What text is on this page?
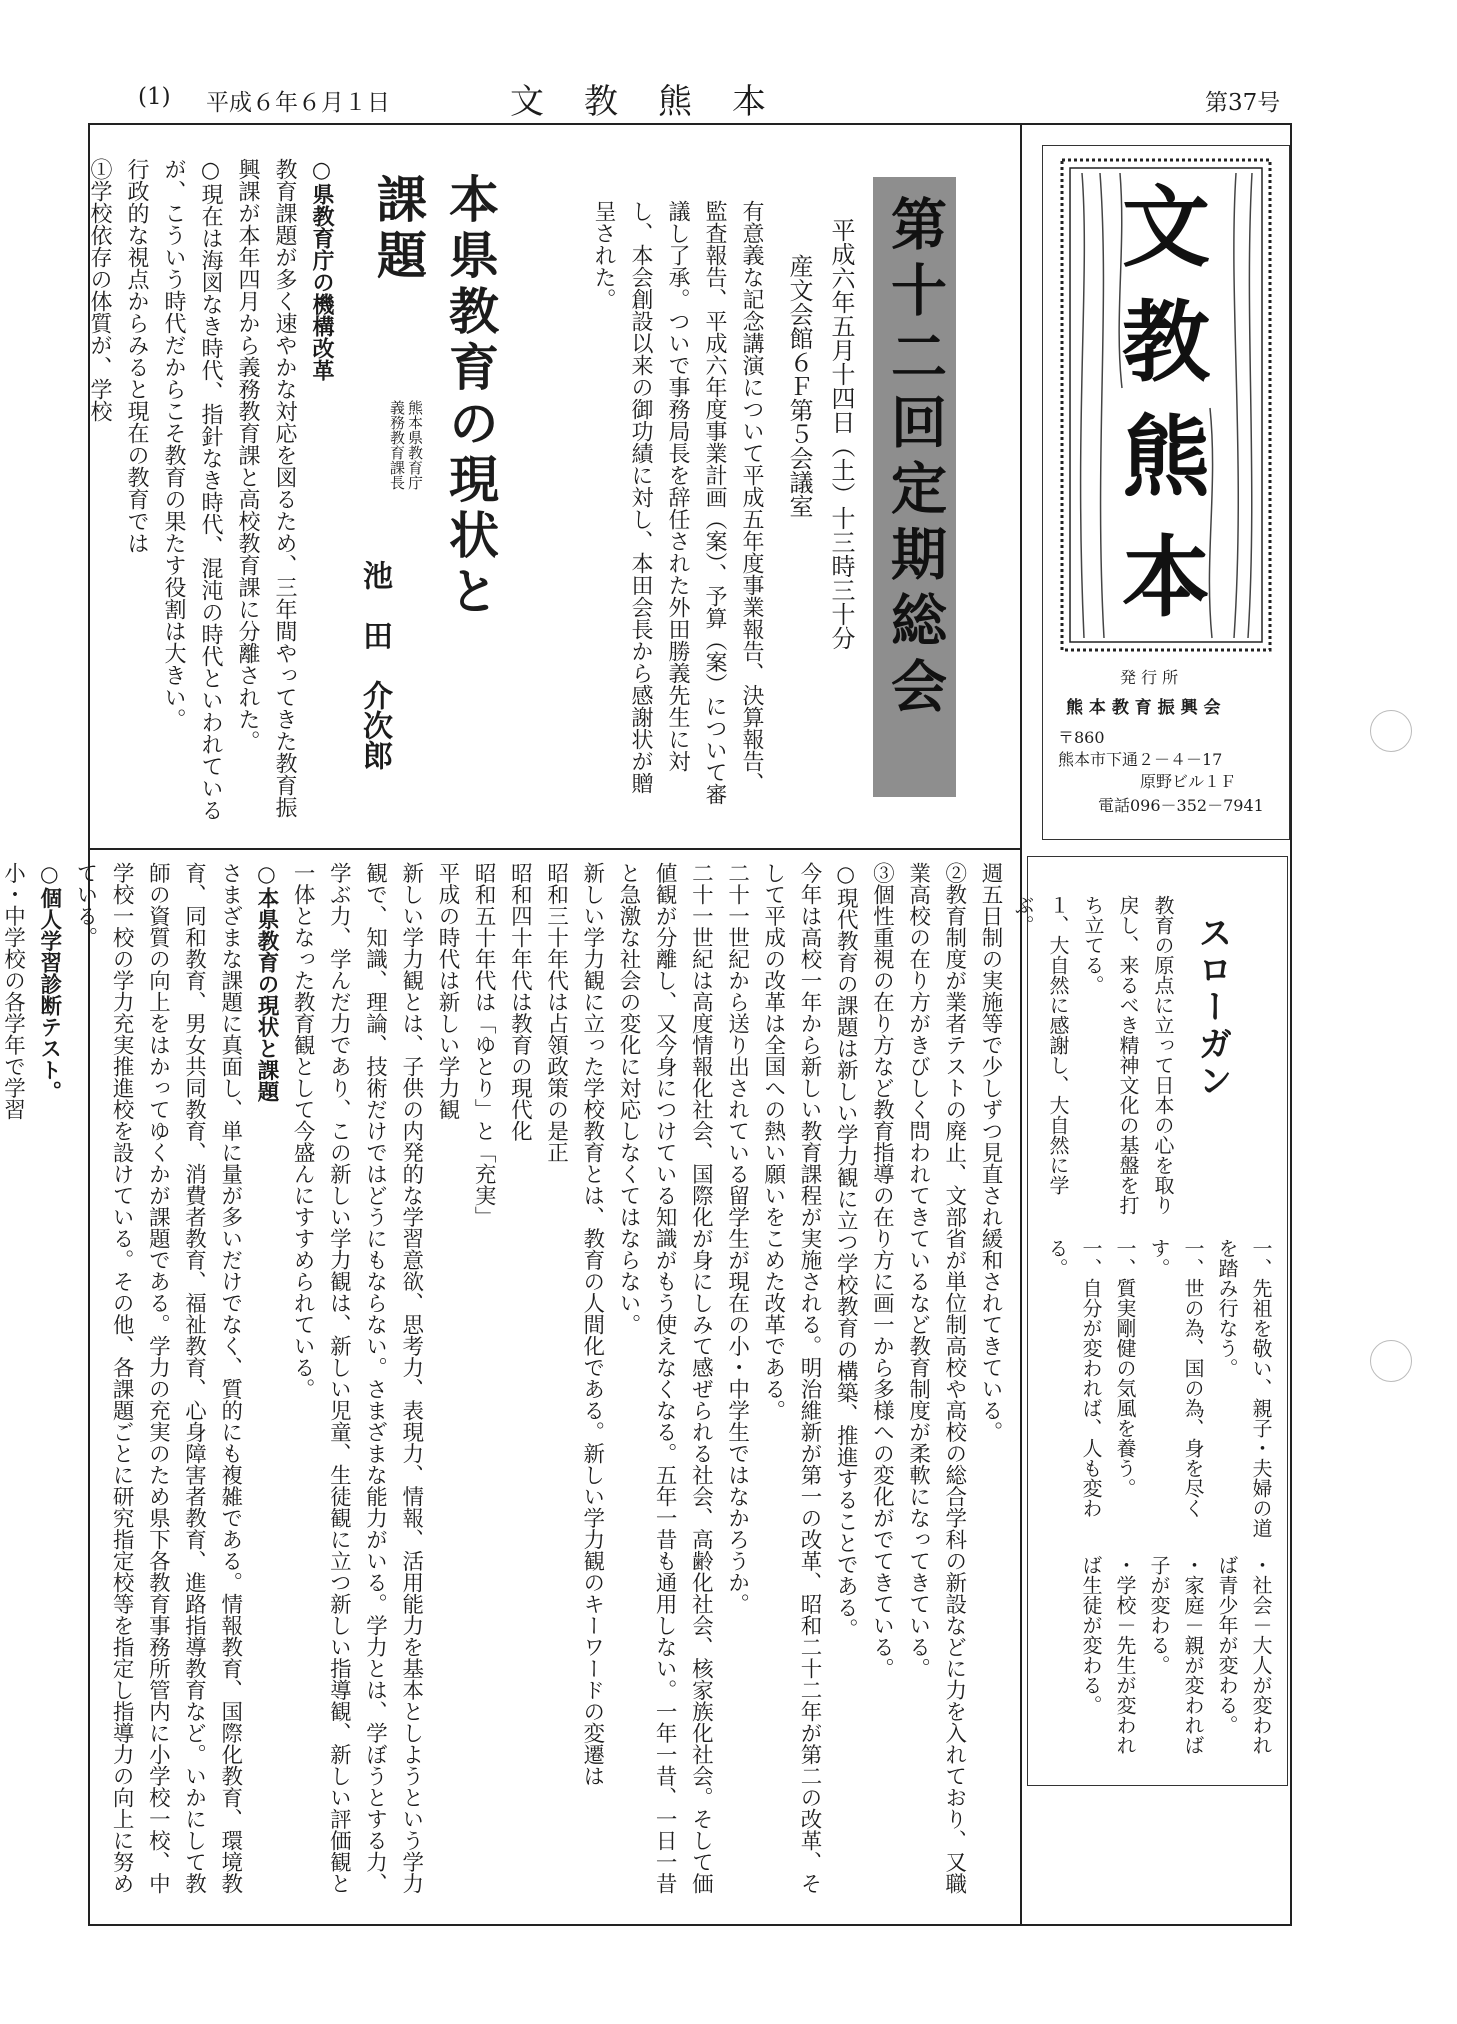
(1) 平成６年６月１日	文教熊本	第37号
文
教
熊
本
発 行 所
熊 本 教 育 振 興 会
〒860
熊本市下通２－４－17
原野ビル１Ｆ
電話096－352－7941
スローガン
教育の原点に立って日本の心を取り戻し、来るべき精神文化の基盤を打ち立てる。
１、大自然に感謝し、大自然に学ぶ。
一、先祖を敬い、親子・夫婦の道を踏み行なう。
一、世の為、国の為、身を尽くす。
一、質実剛健の気風を養う。
一、自分が変われば、人も変わる。
・社会－大人が変われば青少年が変わる。
・家庭－親が変われば子が変わる。
・学校－先生が変われば生徒が変わる。
第十二回定期総会
平成六年五月十四日（土）十三時三十分
産文会館６Ｆ第５会議室
有意義な記念講演について平成五年度事業報告、決算報告、監査報告、平成六年度事業計画（案）、予算（案）について審議し了承。ついで事務局長を辞任された外田勝義先生に対し、本会創設以来の御功績に対し、本田会長から感謝状が贈呈された。
本県教育の現状と課題
熊本県教育庁
義務教育課長
池　田　介次郎
○県教育庁の機構改革
教育課題が多く速やかな対応を図るため、三年間やってきた教育振興課が本年四月から義務教育課と高校教育課に分離された。
○現在は海図なき時代、指針なき時代、混沌の時代といわれているが、こういう時代だからこそ教育の果たす役割は大きい。
行政的な視点からみると現在の教育では
①学校依存の体質が、学校
週五日制の実施等で少しずつ見直され緩和されてきている。
②教育制度が業者テストの廃止、文部省が単位制高校や高校の総合学科の新設などに力を入れており、又職業高校の在り方がきびしく問われてきているなど教育制度が柔軟になってきている。
③個性重視の在り方など教育指導の在り方に画一から多様への変化がでてきている。
○現代教育の課題は新しい学力観に立つ学校教育の構築、推進することである。
今年は高校一年から新しい教育課程が実施される。明治維新が第一の改革、昭和二十二年が第二の改革、そして平成の改革は全国への熱い願いをこめた改革である。
二十一世紀から送り出されている留学生が現在の小・中学生ではなかろうか。
二十一世紀は高度情報化社会、国際化が身にしみて感ぜられる社会、高齢化社会、核家族化社会。そして価値観が分離し、又今身につけている知識がもう使えなくなる。五年一昔も通用しない。一年一昔、一日一昔と急激な社会の変化に対応しなくてはならない。
新しい学力観に立った学校教育とは、教育の人間化である。新しい学力観のキーワードの変遷は
昭和三十年代は占領政策の是正
昭和四十年代は教育の現代化
昭和五十年代は「ゆとり」と「充実」
平成の時代は新しい学力観
新しい学力観とは、子供の内発的な学習意欲、思考力、表現力、情報、活用能力を基本としようという学力観で、知識、理論、技術だけではどうにもならない。さまざまな能力がいる。学力とは、学ぼうとする力、学ぶ力、学んだ力であり、この新しい学力観は、新しい児童、生徒観に立つ新しい指導観、新しい評価観と一体となった教育観として今盛んにすすめられている。
○本県教育の現状と課題
さまざまな課題に真面し、単に量が多いだけでなく、質的にも複雑である。情報教育、国際化教育、環境教育、同和教育、男女共同教育、消費者教育、福祉教育、心身障害者教育、進路指導教育など。いかにして教師の資質の向上をはかってゆくかが課題である。学力の充実のため県下各教育事務所管内に小学校一校、中学校一校の学力充実推進校を設けている。その他、各課題ごとに研究指定校等を指定し指導力の向上に努めている。
○個人学習診断テスト。
小・中学校の各学年で学習
